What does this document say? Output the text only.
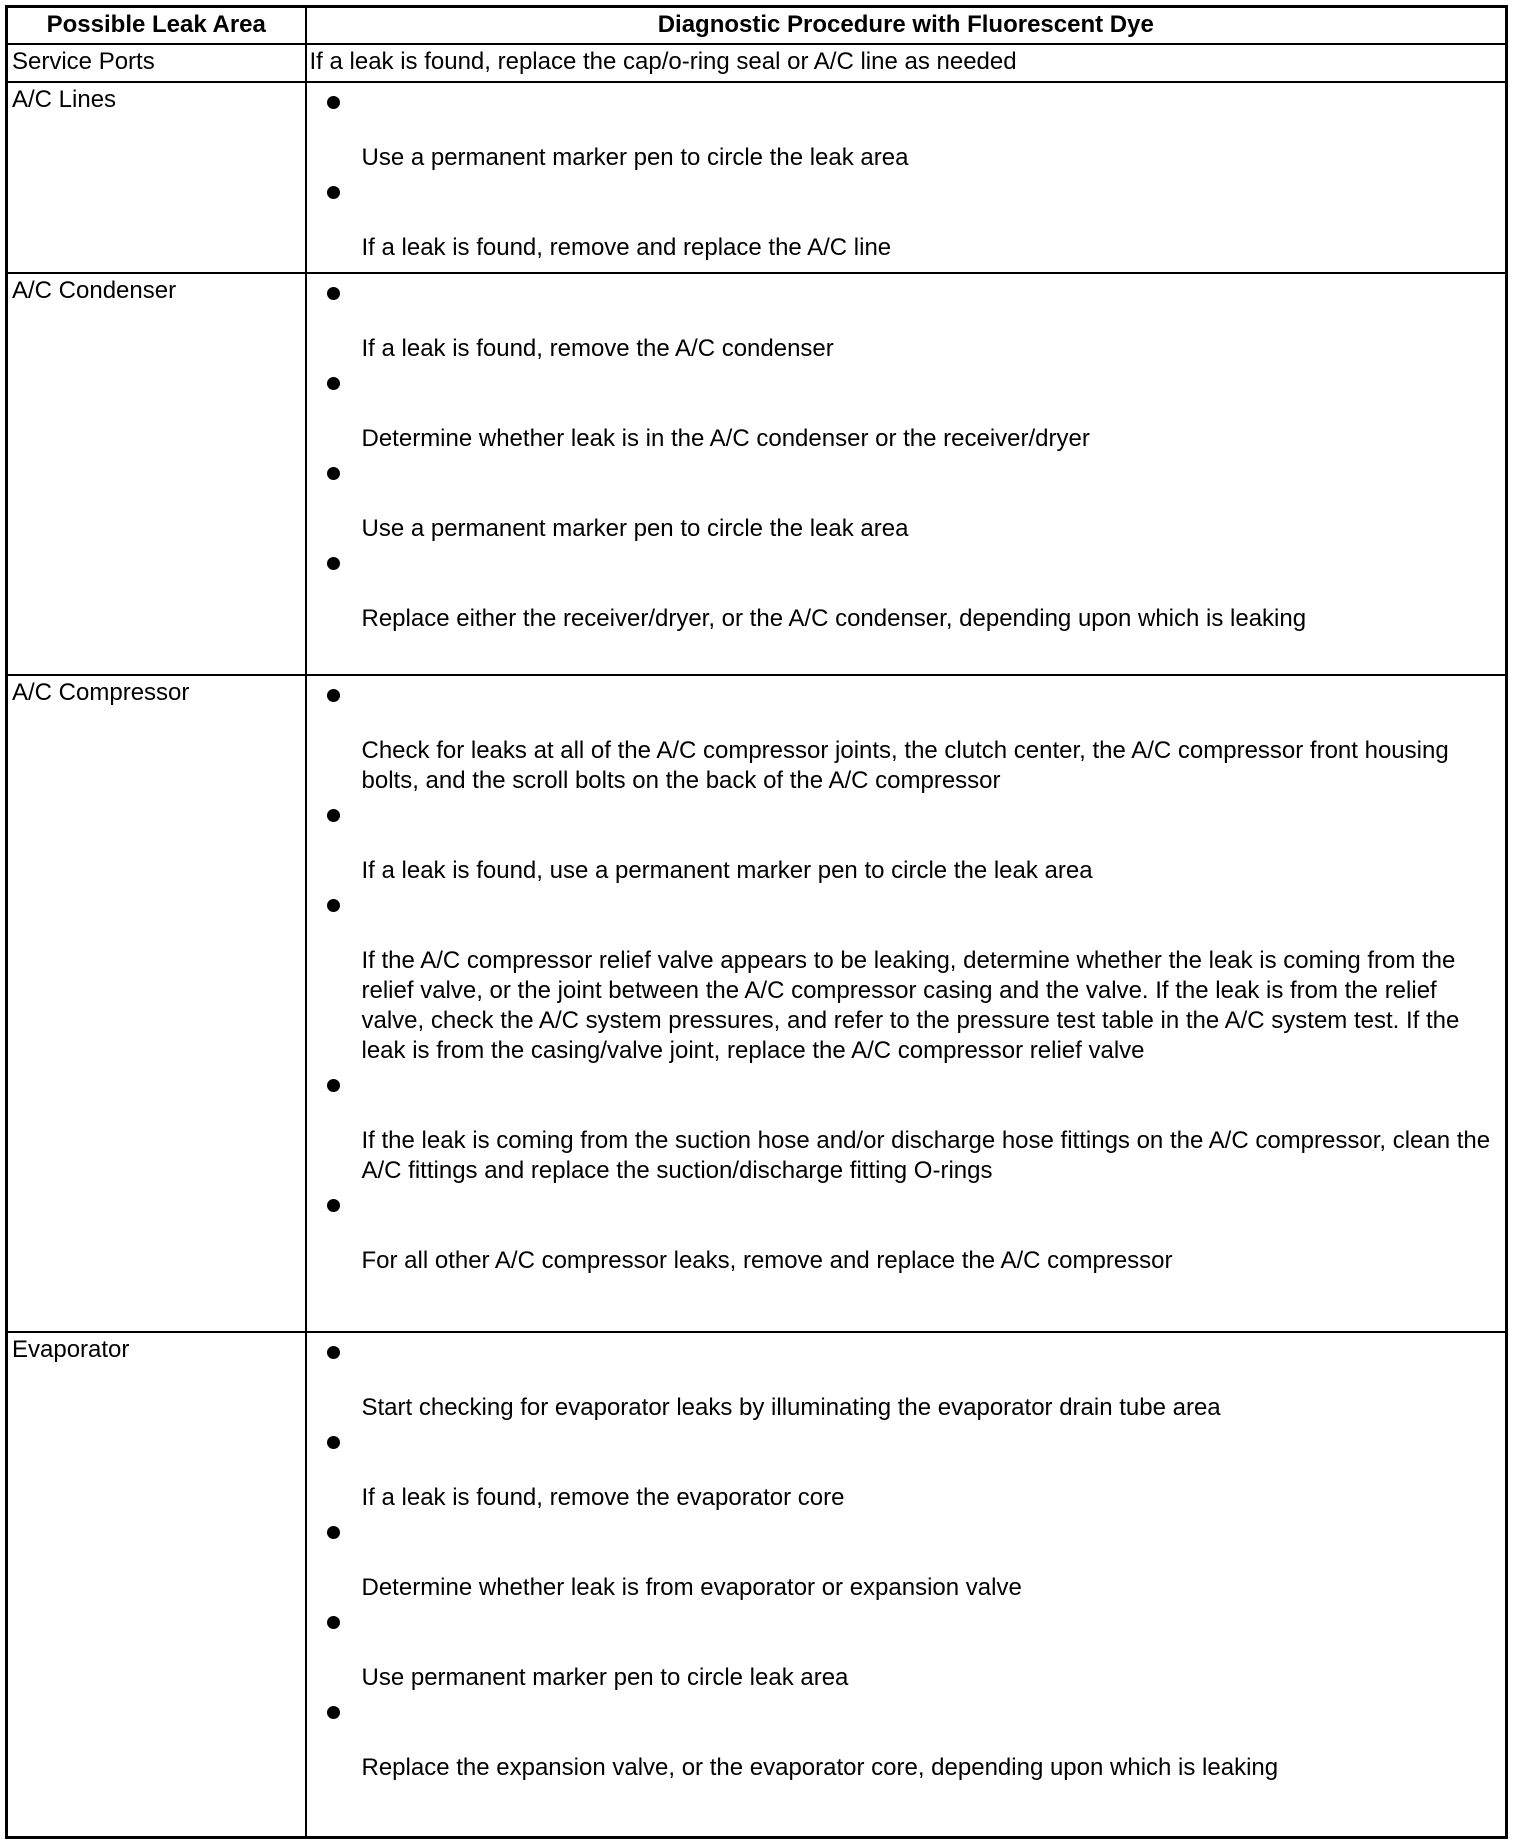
Possible Leak Area	Diagnostic Procedure with Fluorescent Dye
Service Ports	If a leak is found, replace the cap/o-ring seal or A/C line as needed

A/C Lines	Use a permanent marker pen to circle the leak area
If a leak is found, remove and replace the A/C line

A/C Condenser	If a leak is found, remove the A/C condenser
Determine whether leak is in the A/C condenser or the receiver/dryer
Use a permanent marker pen to circle the leak area
Replace either the receiver/dryer, or the A/C condenser, depending upon which is leaking

A/C Compressor	Check for leaks at all of the A/C compressor joints, the clutch center, the A/C compressor front housing bolts, and the scroll bolts on the back of the A/C compressor
If a leak is found, use a permanent marker pen to circle the leak area
If the A/C compressor relief valve appears to be leaking, determine whether the leak is coming from the relief valve, or the joint between the A/C compressor casing and the valve. If the leak is from the relief valve, check the A/C system pressures, and refer to the pressure test table in the A/C system test. If the leak is from the casing/valve joint, replace the A/C compressor relief valve
If the leak is coming from the suction hose and/or discharge hose fittings on the A/C compressor, clean the A/C fittings and replace the suction/discharge fitting O-rings
For all other A/C compressor leaks, remove and replace the A/C compressor

Evaporator	Start checking for evaporator leaks by illuminating the evaporator drain tube area
If a leak is found, remove the evaporator core
Determine whether leak is from evaporator or expansion valve
Use permanent marker pen to circle leak area
Replace the expansion valve, or the evaporator core, depending upon which is leaking
